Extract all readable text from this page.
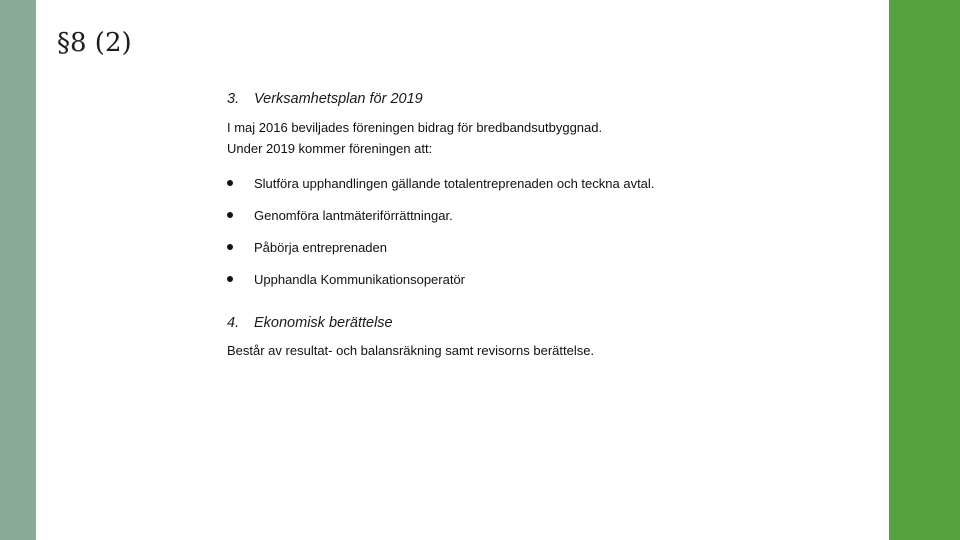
§8 (2)
3. Verksamhetsplan för 2019
I maj 2016 beviljades föreningen bidrag för bredbandsutbyggnad.
Under 2019 kommer föreningen att:
Slutföra upphandlingen gällande totalentreprenaden och teckna avtal.
Genomföra lantmäteriförrättningar.
Påbörja entreprenaden
Upphandla Kommunikationsoperatör
4. Ekonomisk berättelse
Består av resultat- och balansräkning samt revisorns berättelse.
